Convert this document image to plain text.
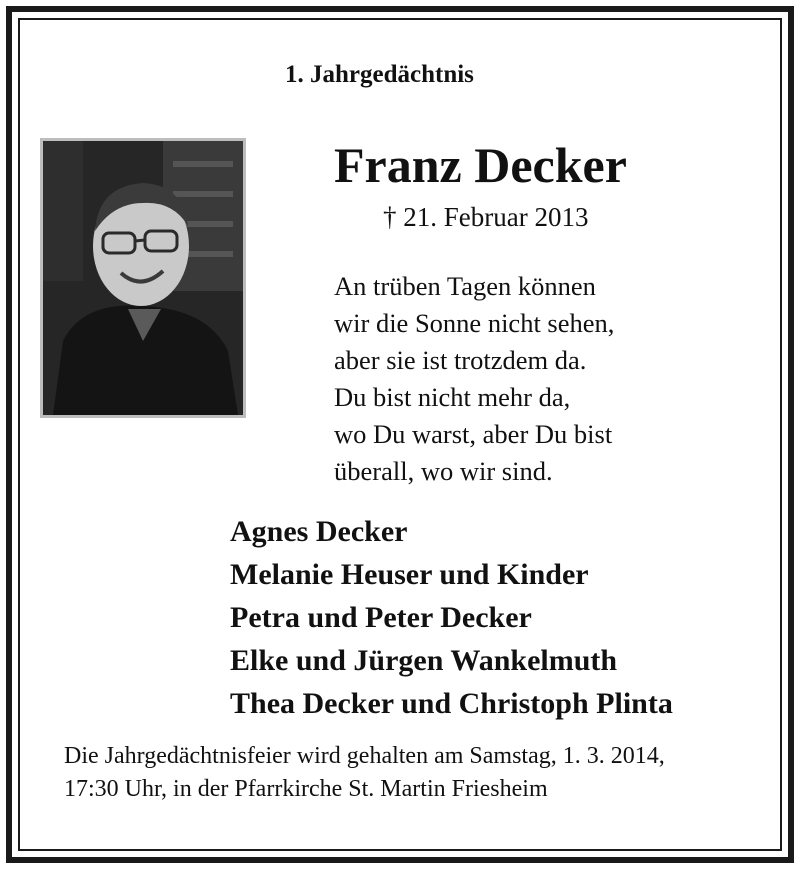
1. Jahrgedächtnis
Franz Decker
† 21. Februar 2013
An trüben Tagen können
wir die Sonne nicht sehen,
aber sie ist trotzdem da.
Du bist nicht mehr da,
wo Du warst, aber Du bist
überall, wo wir sind.
Agnes Decker
Melanie Heuser und Kinder
Petra und Peter Decker
Elke und Jürgen Wankelmuth
Thea Decker und Christoph Plinta
Die Jahrgedächtnisfeier wird gehalten am Samstag, 1. 3. 2014,
17:30 Uhr, in der Pfarrkirche St. Martin Friesheim
